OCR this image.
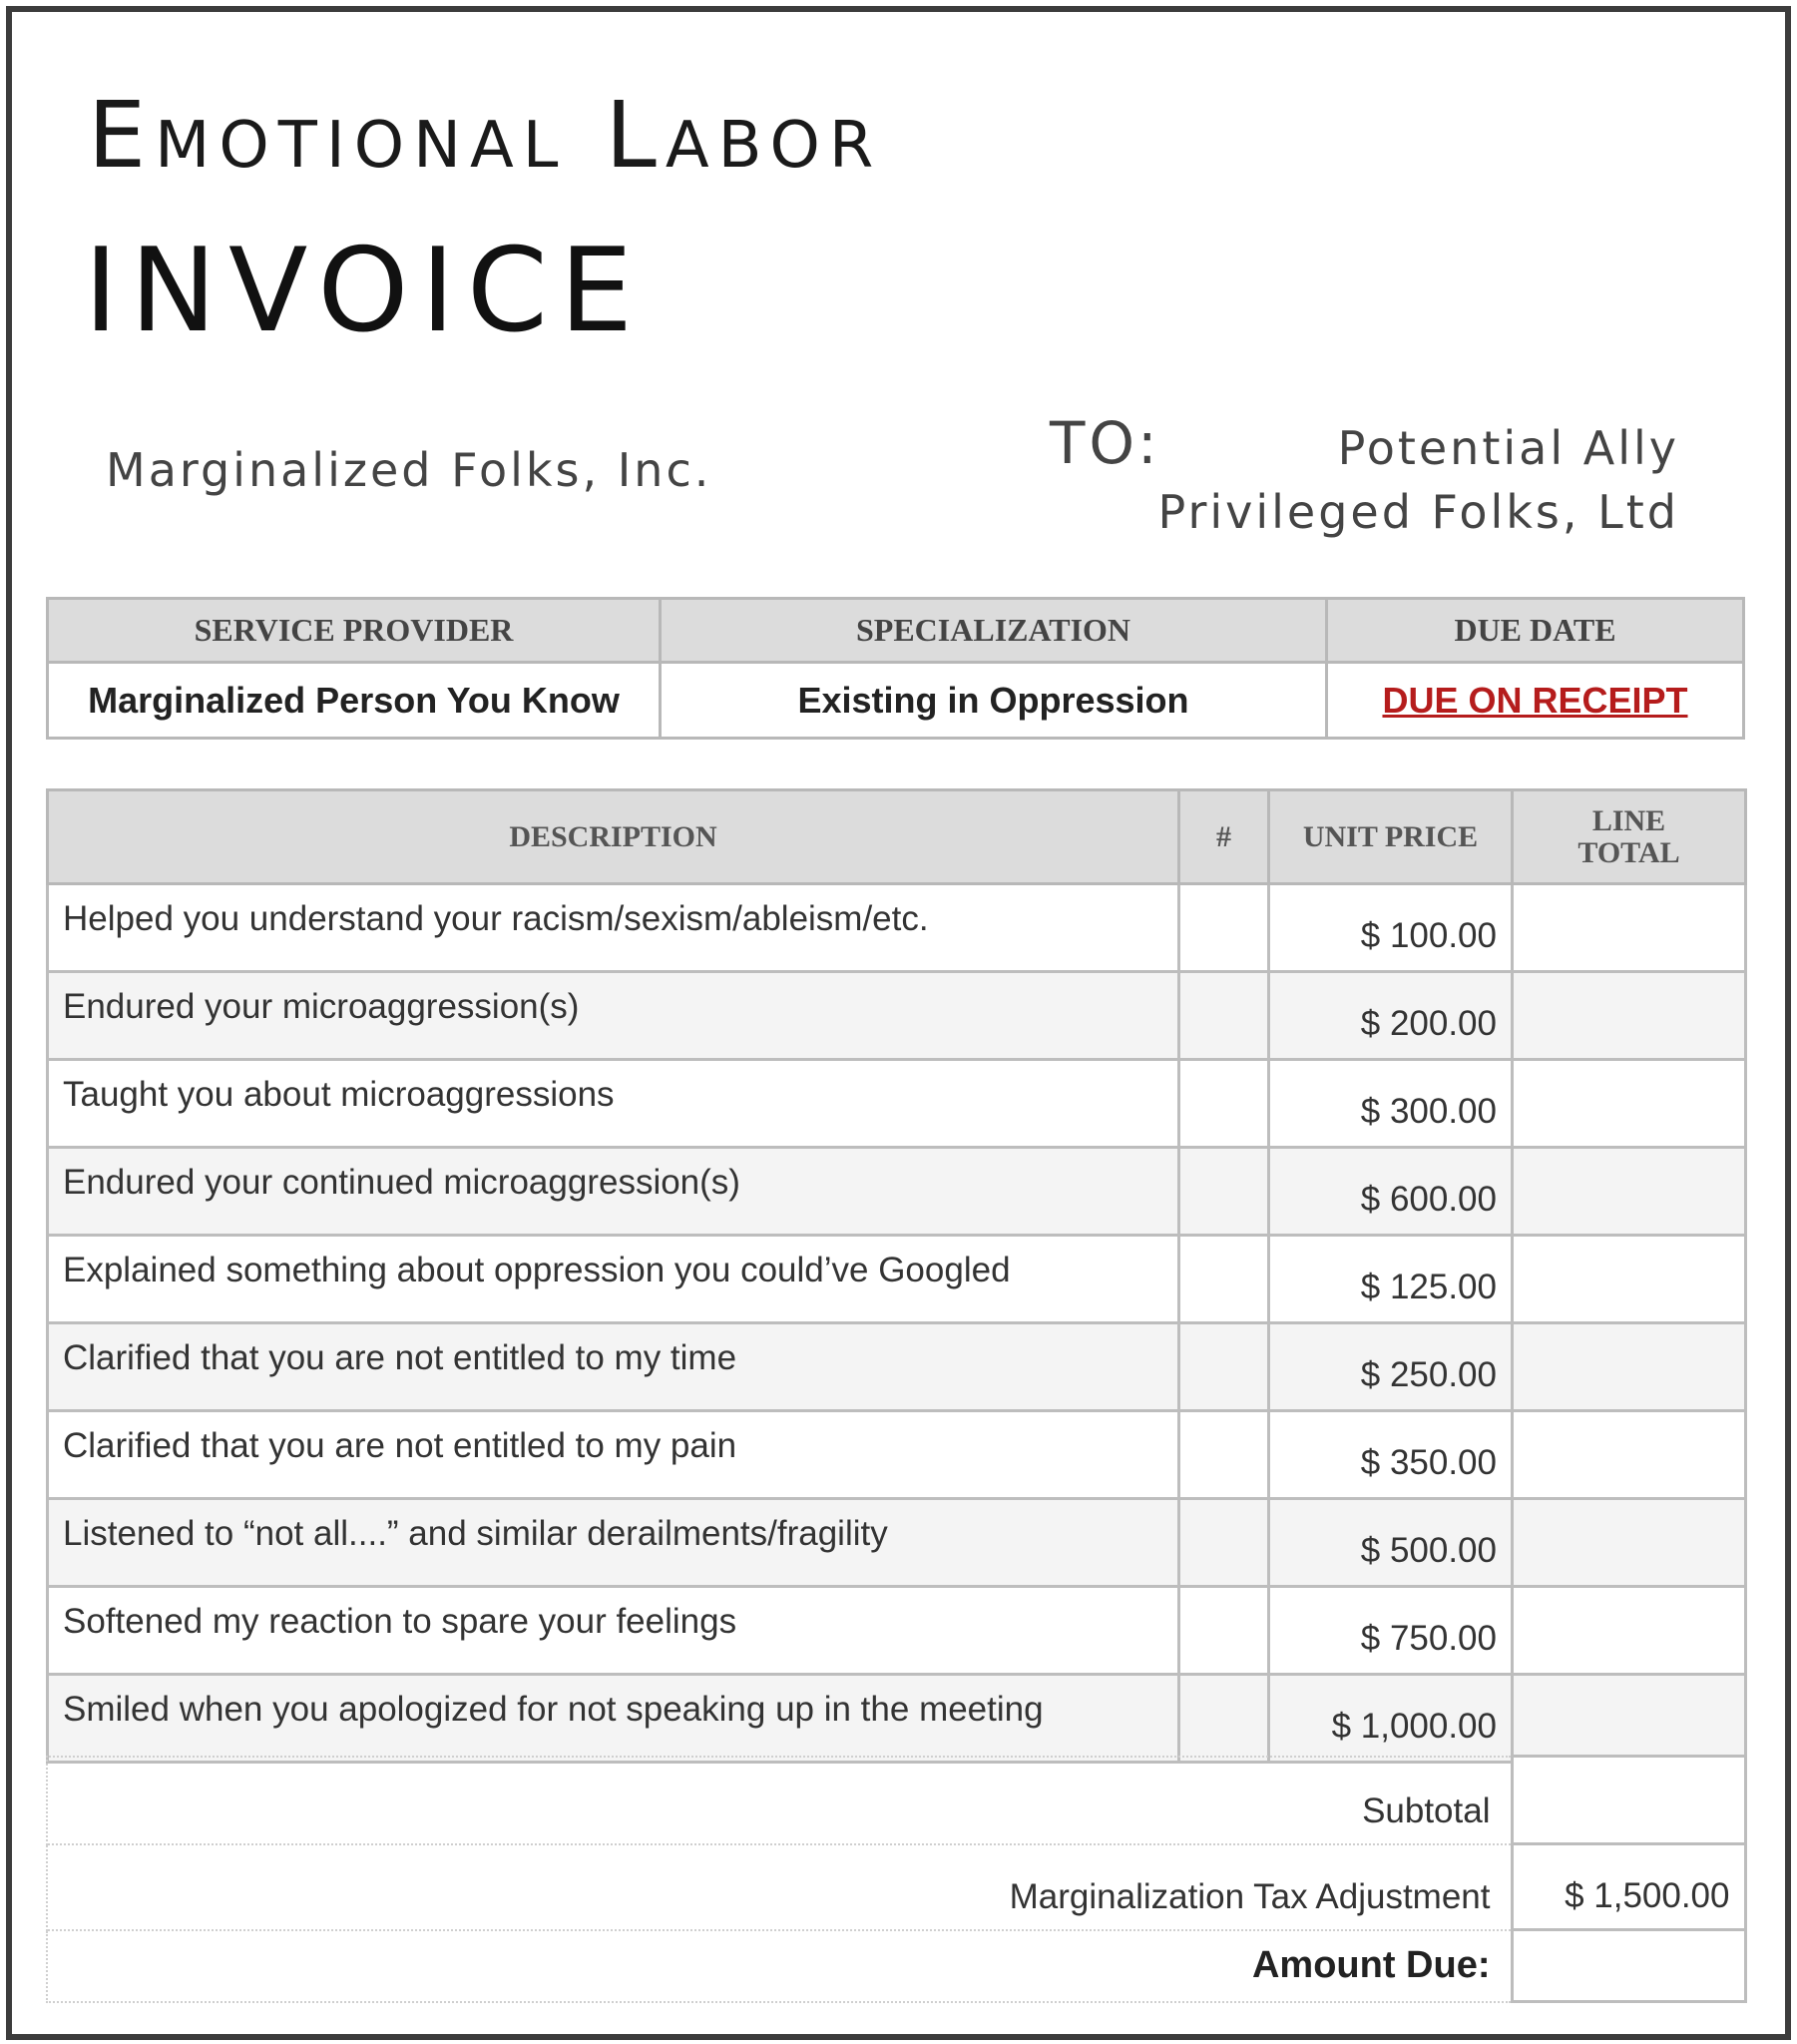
Emotional Labor
INVOICE
Marginalized Folks, Inc.	TO:	Potential Ally
Privileged Folks, Ltd
SERVICE PROVIDER	SPECIALIZATION	DUE DATE
Marginalized Person You Know	Existing in Oppression	DUE ON RECEIPT
DESCRIPTION	#	UNIT PRICE	LINE
TOTAL
Helped you understand your racism/sexism/ableism/etc.		$ 100.00	
Endured your microaggression(s)		$ 200.00	
Taught you about microaggressions		$ 300.00	
Endured your continued microaggression(s)		$ 600.00	
Explained something about oppression you could’ve Googled		$ 125.00	
Clarified that you are not entitled to my time		$ 250.00	
Clarified that you are not entitled to my pain		$ 350.00	
Listened to “not all....” and similar derailments/fragility		$ 500.00	
Softened my reaction to spare your feelings		$ 750.00	
Smiled when you apologized for not speaking up in the meeting		$ 1,000.00	
Subtotal	
Marginalization Tax Adjustment	$ 1,500.00
Amount Due:	
